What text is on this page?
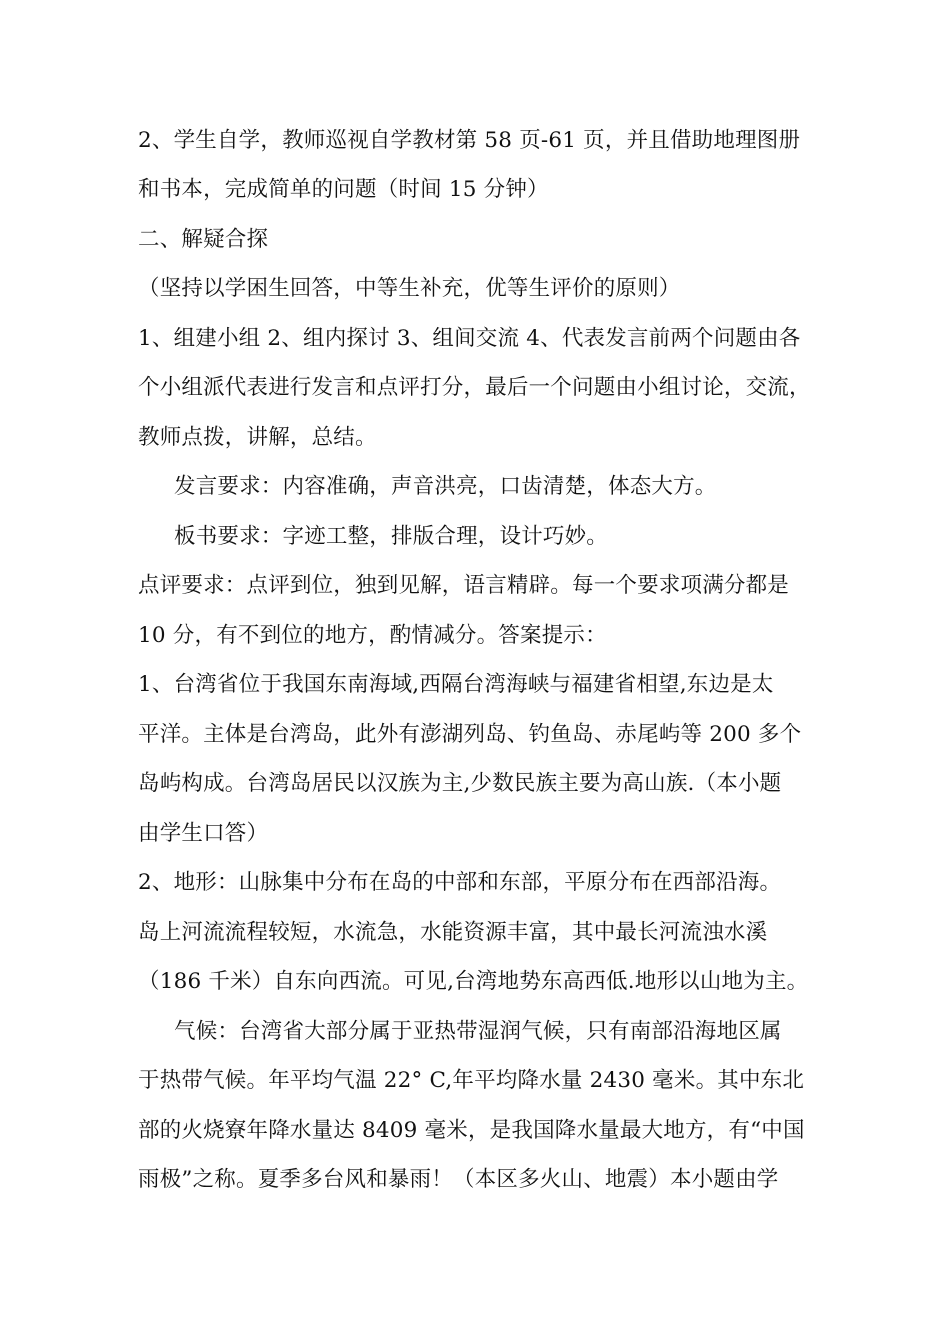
2、学生自学，教师巡视自学教材第 58 页-61 页，并且借助地理图册
和书本，完成简单的问题（时间 15 分钟）
二、解疑合探
（坚持以学困生回答，中等生补充，优等生评价的原则）
1、组建小组 2、组内探讨 3、组间交流 4、代表发言前两个问题由各
个小组派代表进行发言和点评打分，最后一个问题由小组讨论，交流，
教师点拨，讲解，总结。
发言要求：内容准确，声音洪亮，口齿清楚，体态大方。
板书要求：字迹工整，排版合理，设计巧妙。
点评要求：点评到位，独到见解，语言精辟。每一个要求项满分都是
10 分，有不到位的地方，酌情减分。答案提示：
1、台湾省位于我国东南海域,西隔台湾海峡与福建省相望,东边是太
平洋。主体是台湾岛，此外有澎湖列岛、钓鱼岛、赤尾屿等 200 多个
岛屿构成。台湾岛居民以汉族为主,少数民族主要为高山族.（本小题
由学生口答）
2、地形：山脉集中分布在岛的中部和东部，平原分布在西部沿海。
岛上河流流程较短，水流急，水能资源丰富，其中最长河流浊水溪
（186 千米）自东向西流。可见,台湾地势东高西低.地形以山地为主。
气候：台湾省大部分属于亚热带湿润气候，只有南部沿海地区属
于热带气候。年平均气温 22° C,年平均降水量 2430 毫米。其中东北
部的火烧寮年降水量达 8409 毫米，是我国降水量最大地方，有“中国
雨极”之称。夏季多台风和暴雨！（本区多火山、地震）本小题由学
